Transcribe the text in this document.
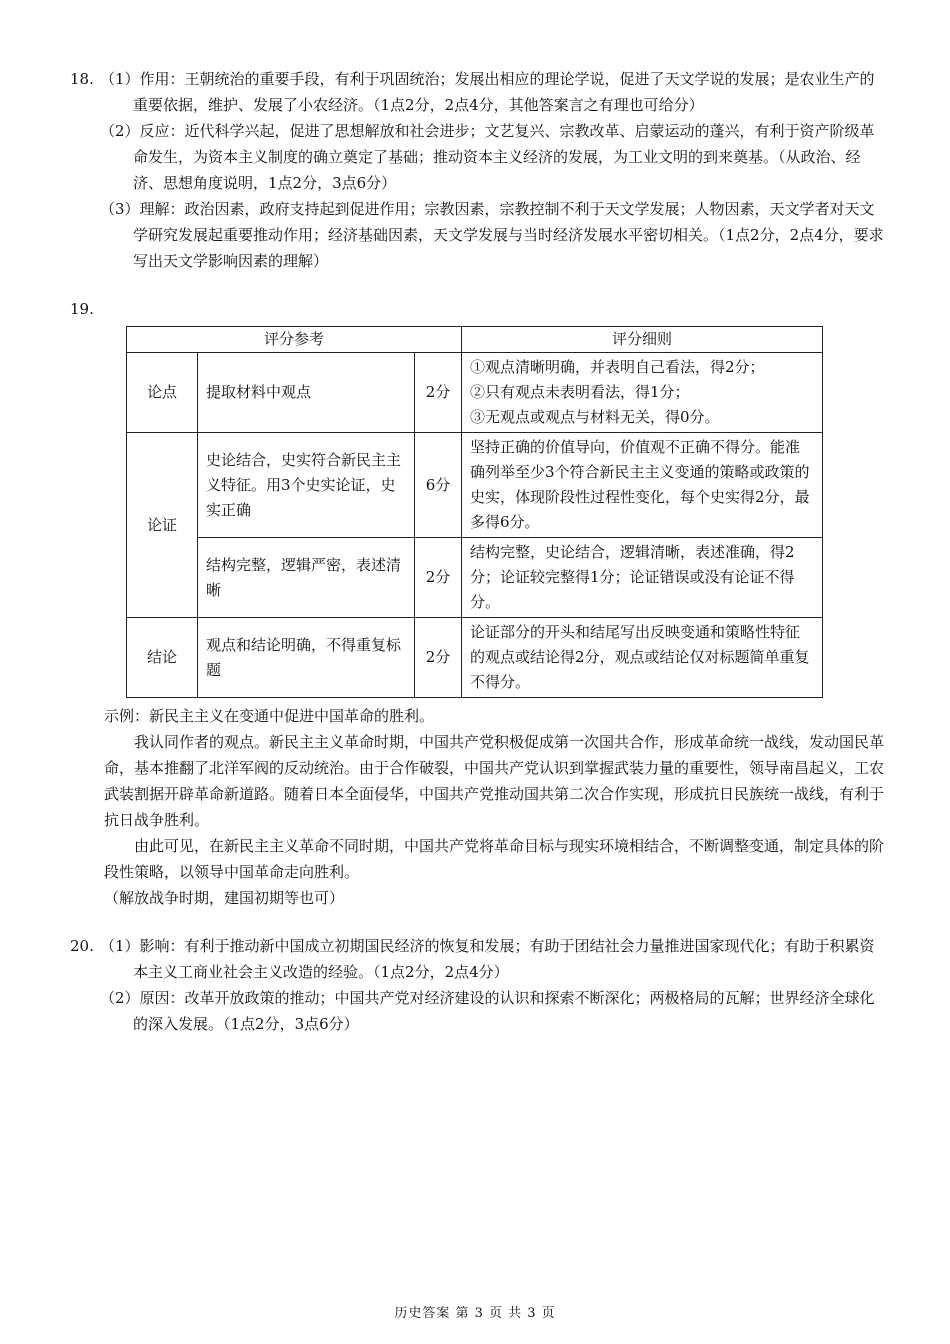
18. （1）作用：王朝统治的重要手段，有利于巩固统治；发展出相应的理论学说，促进了天文学说的发展；是农业生产的重要依据，维护、发展了小农经济。（1点2分，2点4分，其他答案言之有理也可给分）
（2）反应：近代科学兴起，促进了思想解放和社会进步；文艺复兴、宗教改革、启蒙运动的蓬兴，有利于资产阶级革命发生，为资本主义制度的确立奠定了基础；推动资本主义经济的发展，为工业文明的到来奠基。（从政治、经济、思想角度说明，1点2分，3点6分）
（3）理解：政治因素，政府支持起到促进作用；宗教因素，宗教控制不利于天文学发展；人物因素，天文学者对天文学研究发展起重要推动作用；经济基础因素，天文学发展与当时经济发展水平密切相关。（1点2分，2点4分，要求写出天文学影响因素的理解）
19.
评分参考			评分细则
论点	提取材料中观点	2分	①观点清晰明确，并表明自己看法，得2分；
②只有观点未表明看法，得1分；
③无观点或观点与材料无关，得0分。

论证	史论结合，史实符合新民主主义特征。用3个史实论证，史实正确	6分	坚持正确的价值导向，价值观不正确不得分。能准确列举至少3个符合新民主主义变通的策略或政策的史实，体现阶段性过程性变化，每个史实得2分，最多得6分。
	结构完整，逻辑严密，表述清晰	2分	结构完整，史论结合，逻辑清晰，表述准确，得2分；论证较完整得1分；论证错误或没有论证不得分。
结论	观点和结论明确，不得重复标题	2分	论证部分的开头和结尾写出反映变通和策略性特征的观点或结论得2分，观点或结论仅对标题简单重复不得分。
示例：新民主主义在变通中促进中国革命的胜利。
我认同作者的观点。新民主主义革命时期，中国共产党积极促成第一次国共合作，形成革命统一战线，发动国民革命，基本推翻了北洋军阀的反动统治。由于合作破裂，中国共产党认识到掌握武装力量的重要性，领导南昌起义，工农武装割据开辟革命新道路。随着日本全面侵华，中国共产党推动国共第二次合作实现，形成抗日民族统一战线，有利于抗日战争胜利。
由此可见，在新民主主义革命不同时期，中国共产党将革命目标与现实环境相结合，不断调整变通，制定具体的阶段性策略，以领导中国革命走向胜利。
（解放战争时期，建国初期等也可）
20. （1）影响：有利于推动新中国成立初期国民经济的恢复和发展；有助于团结社会力量推进国家现代化；有助于积累资本主义工商业社会主义改造的经验。（1点2分，2点4分）
（2）原因：改革开放政策的推动；中国共产党对经济建设的认识和探索不断深化；两极格局的瓦解；世界经济全球化的深入发展。（1点2分，3点6分）
历史答案 第 3 页 共 3 页
